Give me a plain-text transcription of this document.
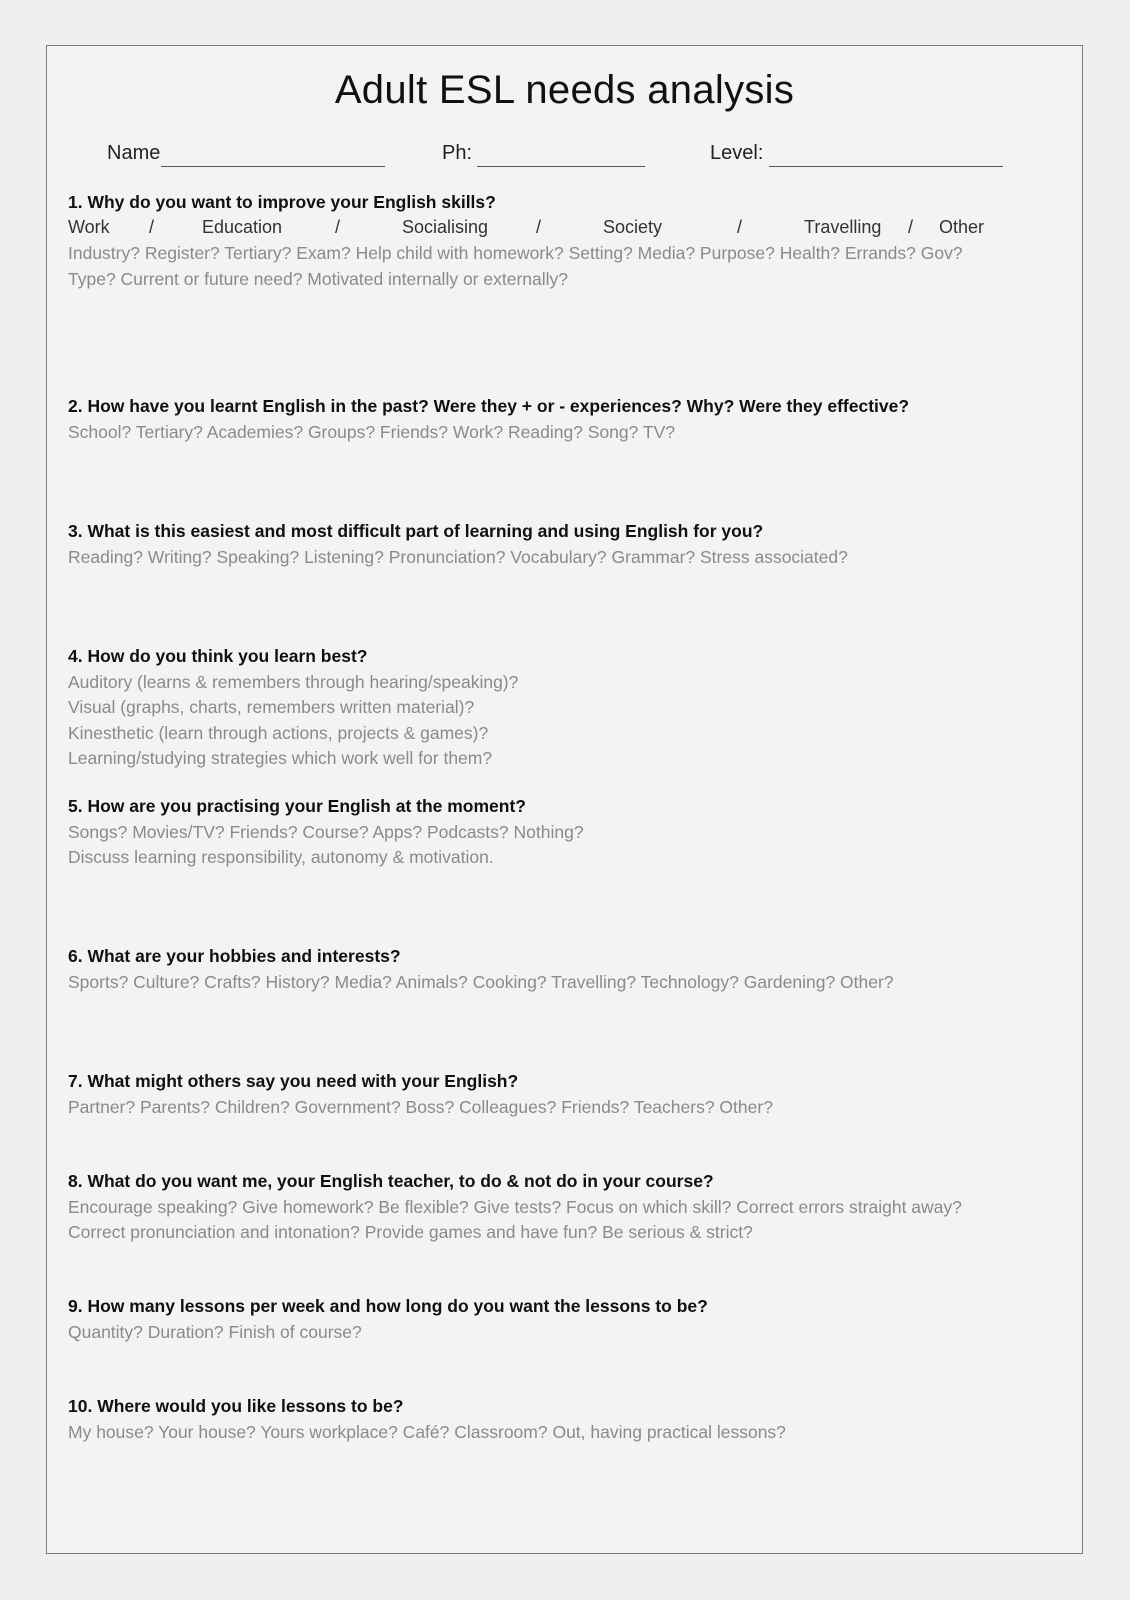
Adult ESL needs analysis
Name	Ph:	Level:
1. Why do you want to improve your English skills?
Work /	Education	/	Socialising	/	Society	/	Travelling / Other
Industry? Register? Tertiary? Exam? Help child with homework? Setting? Media? Purpose? Health? Errands? Gov?
Type? Current or future need? Motivated internally or externally?
2. How have you learnt English in the past? Were they + or - experiences? Why? Were they effective?
School? Tertiary? Academies? Groups? Friends? Work? Reading? Song? TV?
3. What is this easiest and most difficult part of learning and using English for you?
Reading? Writing? Speaking? Listening? Pronunciation? Vocabulary? Grammar? Stress associated?
4. How do you think you learn best?
Auditory (learns & remembers through hearing/speaking)?
Visual (graphs, charts, remembers written material)?
Kinesthetic (learn through actions, projects & games)?
Learning/studying strategies which work well for them?
5. How are you practising your English at the moment?
Songs? Movies/TV? Friends? Course? Apps? Podcasts? Nothing?
Discuss learning responsibility, autonomy & motivation.
6. What are your hobbies and interests?
Sports? Culture? Crafts? History? Media? Animals? Cooking? Travelling? Technology? Gardening? Other?
7. What might others say you need with your English?
Partner? Parents? Children? Government? Boss? Colleagues? Friends? Teachers? Other?
8. What do you want me, your English teacher, to do & not do in your course?
Encourage speaking? Give homework? Be flexible? Give tests? Focus on which skill? Correct errors straight away?
Correct pronunciation and intonation? Provide games and have fun? Be serious & strict?
9. How many lessons per week and how long do you want the lessons to be?
Quantity? Duration? Finish of course?
10. Where would you like lessons to be?
My house? Your house? Yours workplace? Café? Classroom? Out, having practical lessons?
